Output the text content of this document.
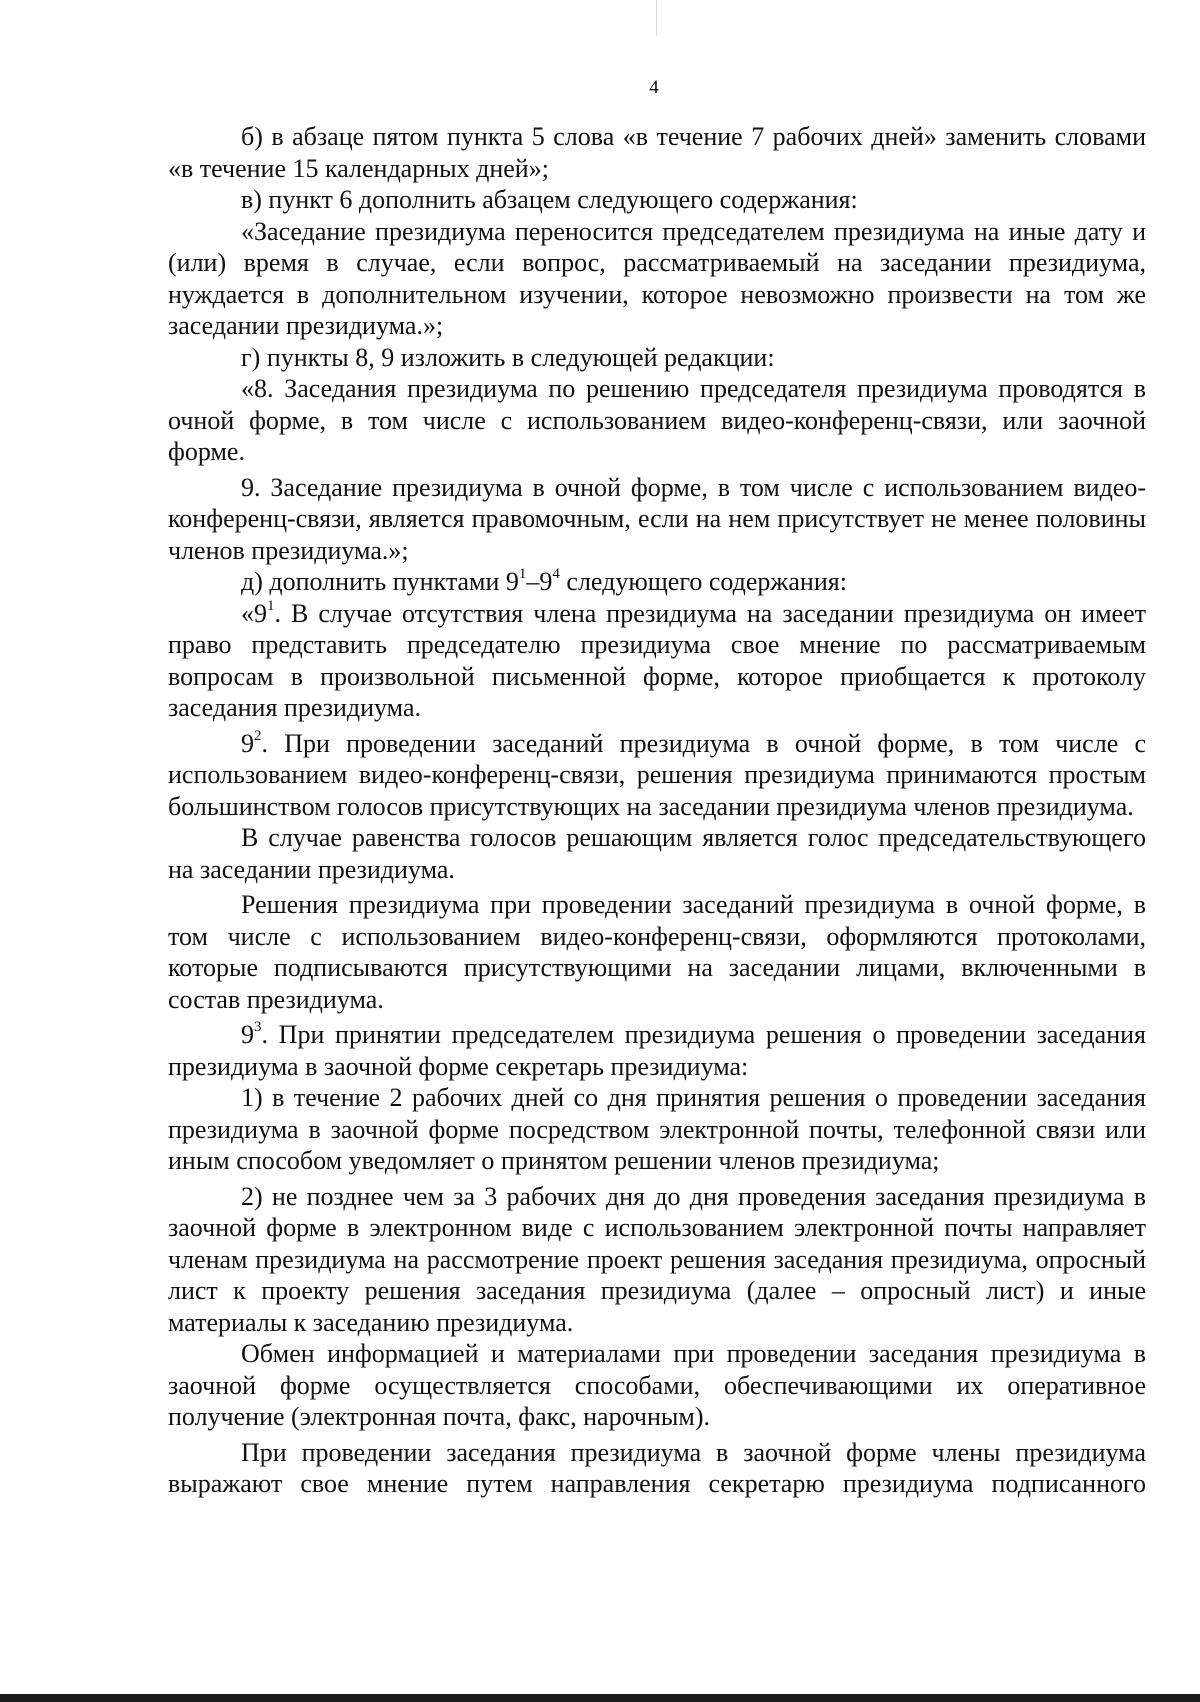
4

б) в абзаце пятом пункта 5 слова «в течение 7 рабочих дней» заменить словами «в течение 15 календарных дней»;

в) пункт 6 дополнить абзацем следующего содержания:

«Заседание президиума переносится председателем президиума на иные дату и (или) время в случае, если вопрос, рассматриваемый на заседании президиума, нуждается в дополнительном изучении, которое невозможно произвести на том же заседании президиума.»;

г) пункты 8, 9 изложить в следующей редакции:

«8. Заседания президиума по решению председателя президиума проводятся в очной форме, в том числе с использованием видео-конференц-связи, или заочной форме.

9. Заседание президиума в очной форме, в том числе с использованием видео-конференц-связи, является правомочным, если на нем присутствует не менее половины членов президиума.»;

д) дополнить пунктами $9^1-9^4$ следующего содержания:

«$9^1$. В случае отсутствия члена президиума на заседании президиума он имеет право представить председателю президиума свое мнение по рассматриваемым вопросам в произвольной письменной форме, которое приобщается к протоколу заседания президиума.

$9^2$. При проведении заседаний президиума в очной форме, в том числе с использованием видео-конференц-связи, решения президиума принимаются простым большинством голосов присутствующих на заседании президиума членов президиума.

В случае равенства голосов решающим является голос председательствующего на заседании президиума.

Решения президиума при проведении заседаний президиума в очной форме, в том числе с использованием видео-конференц-связи, оформляются протоколами, которые подписываются присутствующими на заседании лицами, включенными в состав президиума.

$9^3$. При принятии председателем президиума решения о проведении заседания президиума в заочной форме секретарь президиума:

1) в течение 2 рабочих дней со дня принятия решения о проведении заседания президиума в заочной форме посредством электронной почты, телефонной связи или иным способом уведомляет о принятом решении членов президиума;

2) не позднее чем за 3 рабочих дня до дня проведения заседания президиума в заочной форме в электронном виде с использованием электронной почты направляет членам президиума на рассмотрение проект решения заседания президиума, опросный лист к проекту решения заседания президиума (далее – опросный лист) и иные материалы к заседанию президиума.

Обмен информацией и материалами при проведении заседания президиума в заочной форме осуществляется способами, обеспечивающими их оперативное получение (электронная почта, факс, нарочным).

При проведении заседания президиума в заочной форме члены президиума выражают свое мнение путем направления секретарю президиума подписанного
